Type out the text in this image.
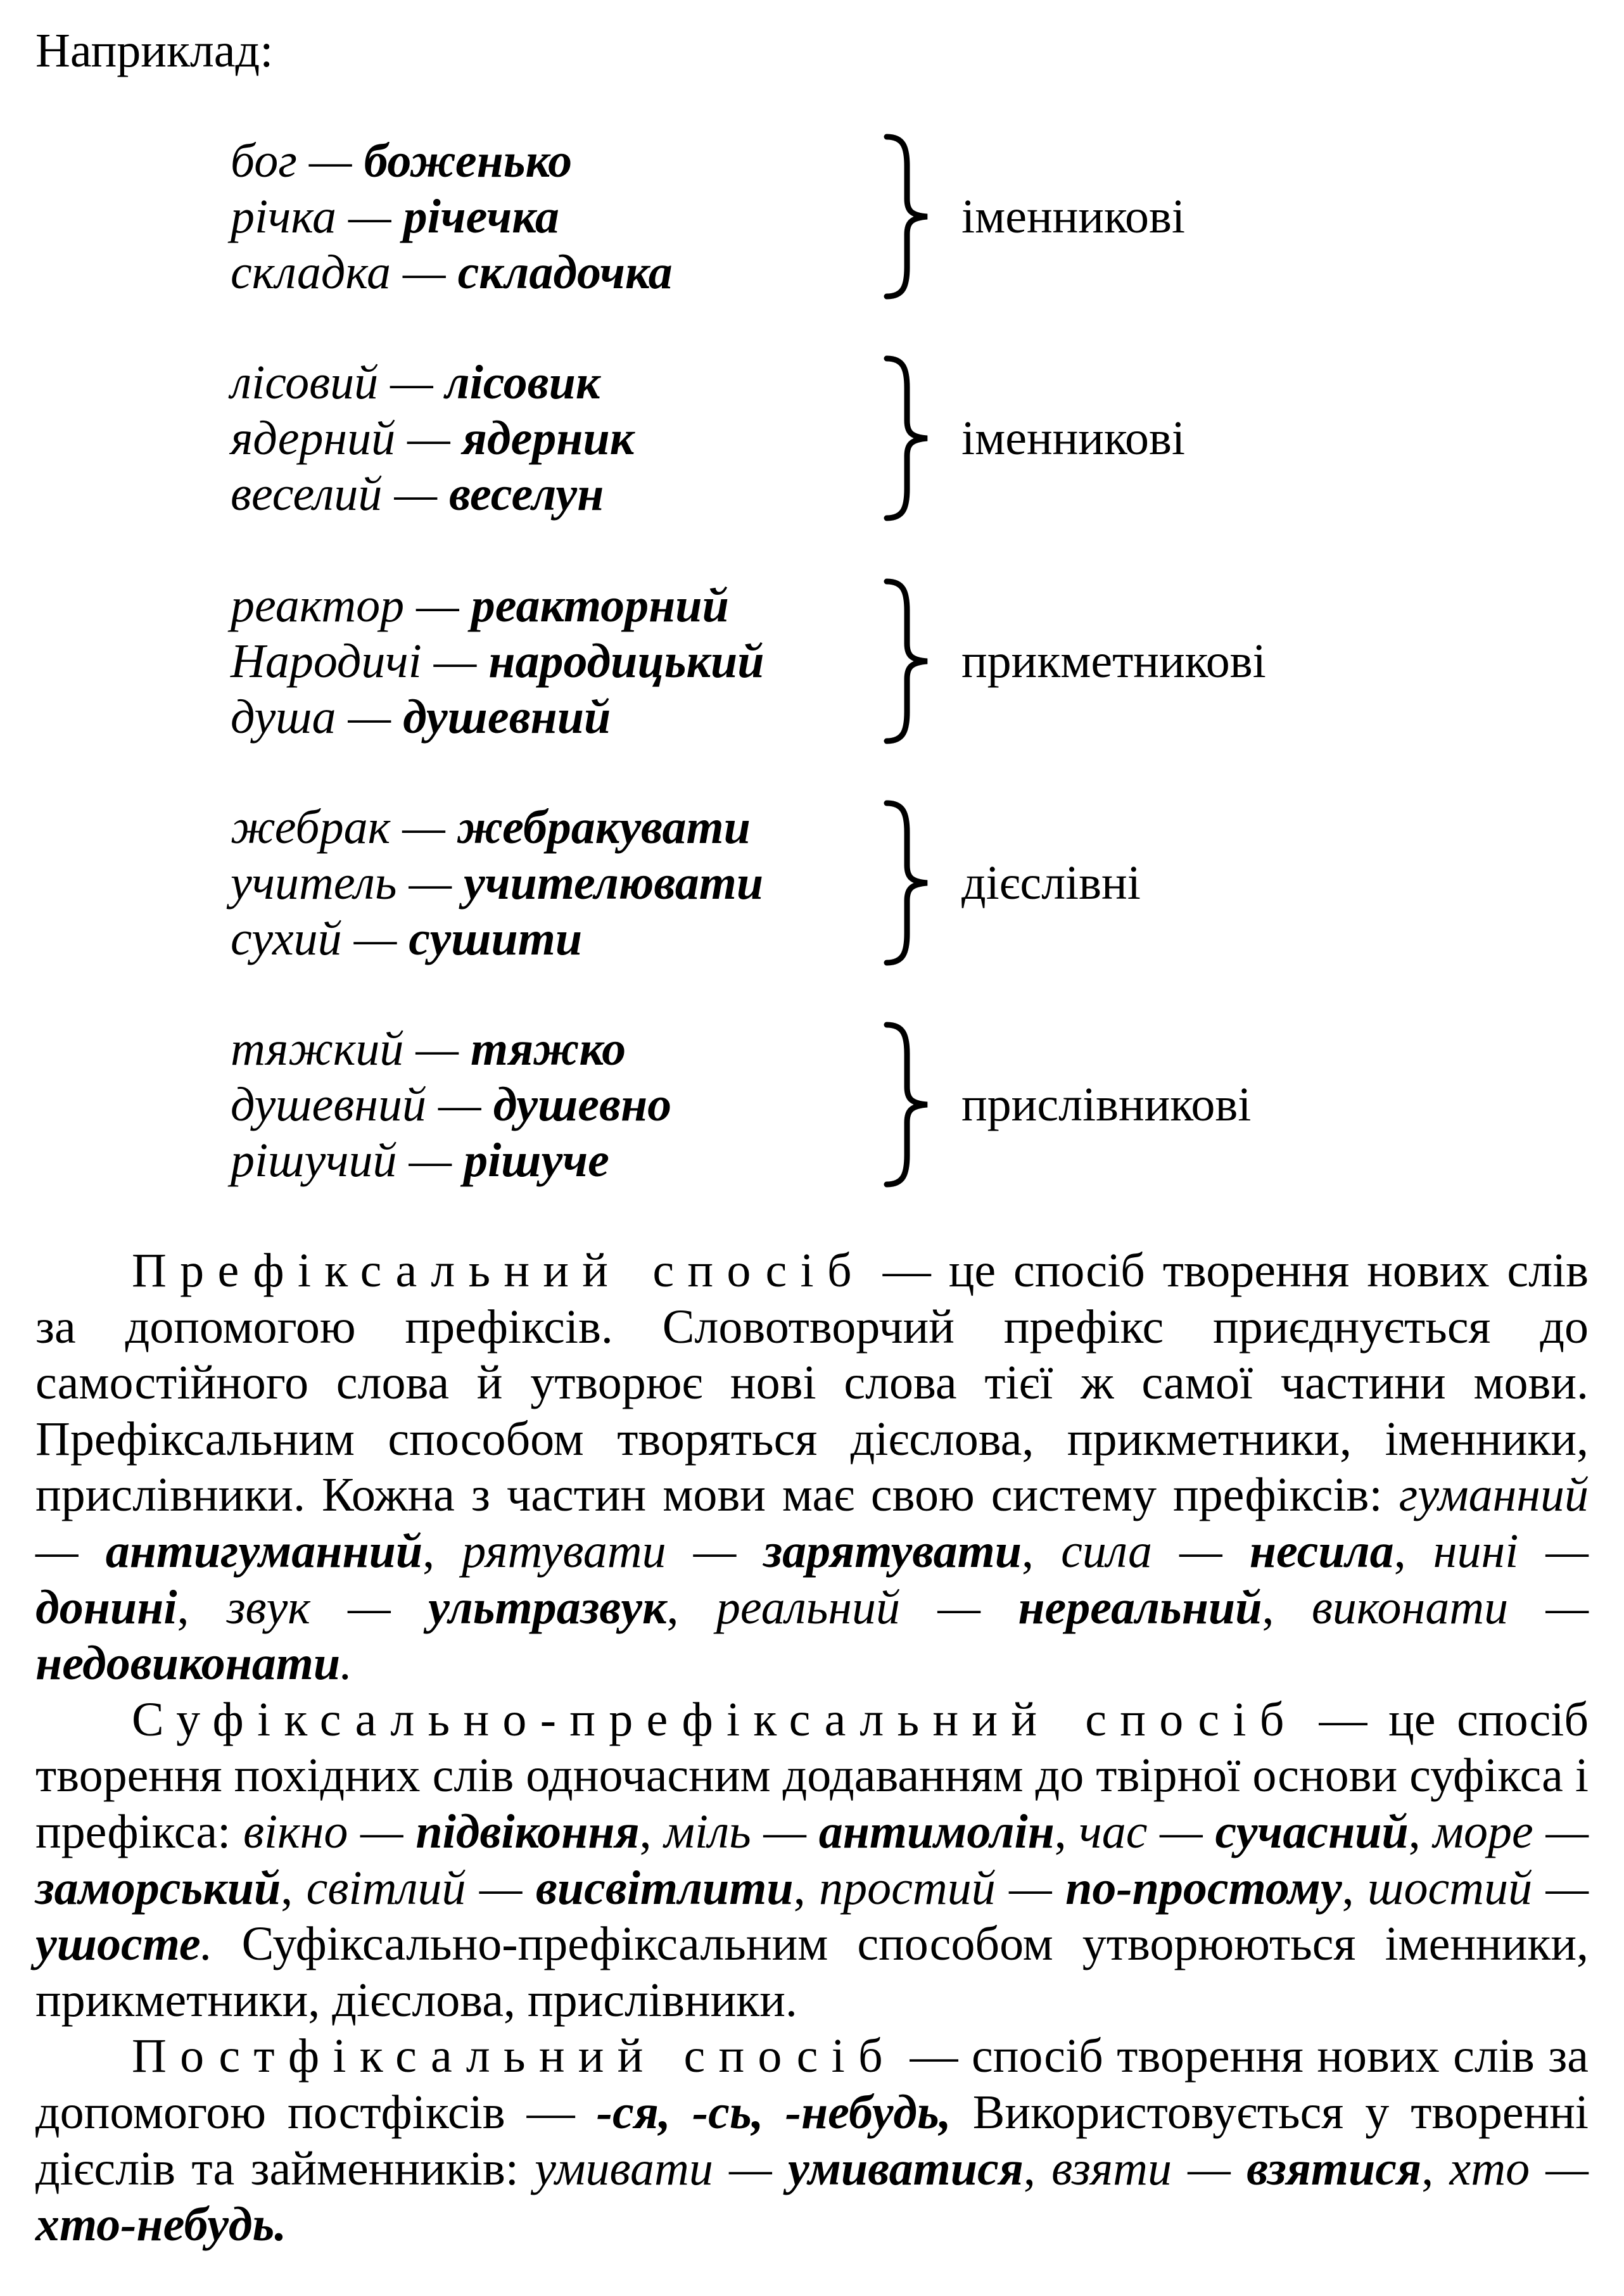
Наприклад:
бог — боженько
річка — річечка
складка — складочка
іменникові
лісовий — лісовик
ядерний — ядерник
веселий — веселун
іменникові
реактор — реакторний
Народичі — народицький
душа — душевний
прикметникові
жебрак — жебракувати
учитель — учителювати
сухий — сушити
дієслівні
тяжкий — тяжко
душевний — душевно
рішучий — рішуче
прислівникові

Префіксальний спосіб — це спосіб творення нових слів за допомогою префіксів. Словотворчий префікс приєднується до самостійного слова й утворює нові слова тієї ж самої частини мови. Префіксальним способом творяться дієслова, прикметники, іменники, прислівники. Кожна з частин мови має свою систему префіксів: гуманний — антигуманний, рятувати — зарятувати, сила — несила, нині — донині, звук — ультразвук, реальний — нереальний, виконати — недовиконати.

Суфіксально-префіксальний спосіб — це спосіб творення похідних слів одночасним додаванням до твірної основи суфікса і префікса: вікно — підвіконня, міль — антимолін, час — сучасний, море — заморський, світлий — висвітлити, простий — по-простому, шостий — ушосте. Суфіксально-префіксальним способом утворюються іменники, прикметники, дієслова, прислівники.

Постфіксальний спосіб — спосіб творення нових слів за допомогою постфіксів — -ся, -сь, -небудь, Використовується у творенні дієслів та займенників: умивати — умиватися, взяти — взятися, хто — хто-небудь.
